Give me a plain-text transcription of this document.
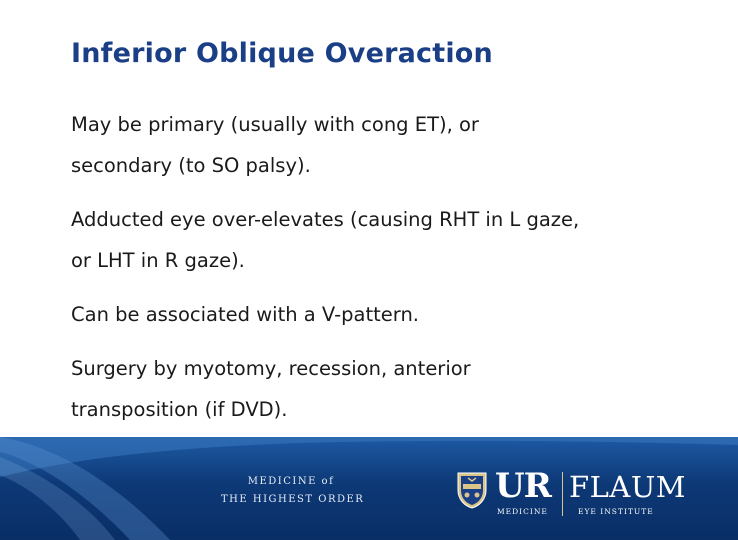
Inferior Oblique Overaction

May be primary (usually with cong ET), or
secondary (to SO palsy).

Adducted eye over-elevates (causing RHT in L gaze,
or LHT in R gaze).

Can be associated with a V-pattern.

Surgery by myotomy, recession, anterior
transposition (if DVD).

MEDICINE of
THE HIGHEST ORDER	UR
MEDICINE
FLAUM
EYE INSTITUTE
